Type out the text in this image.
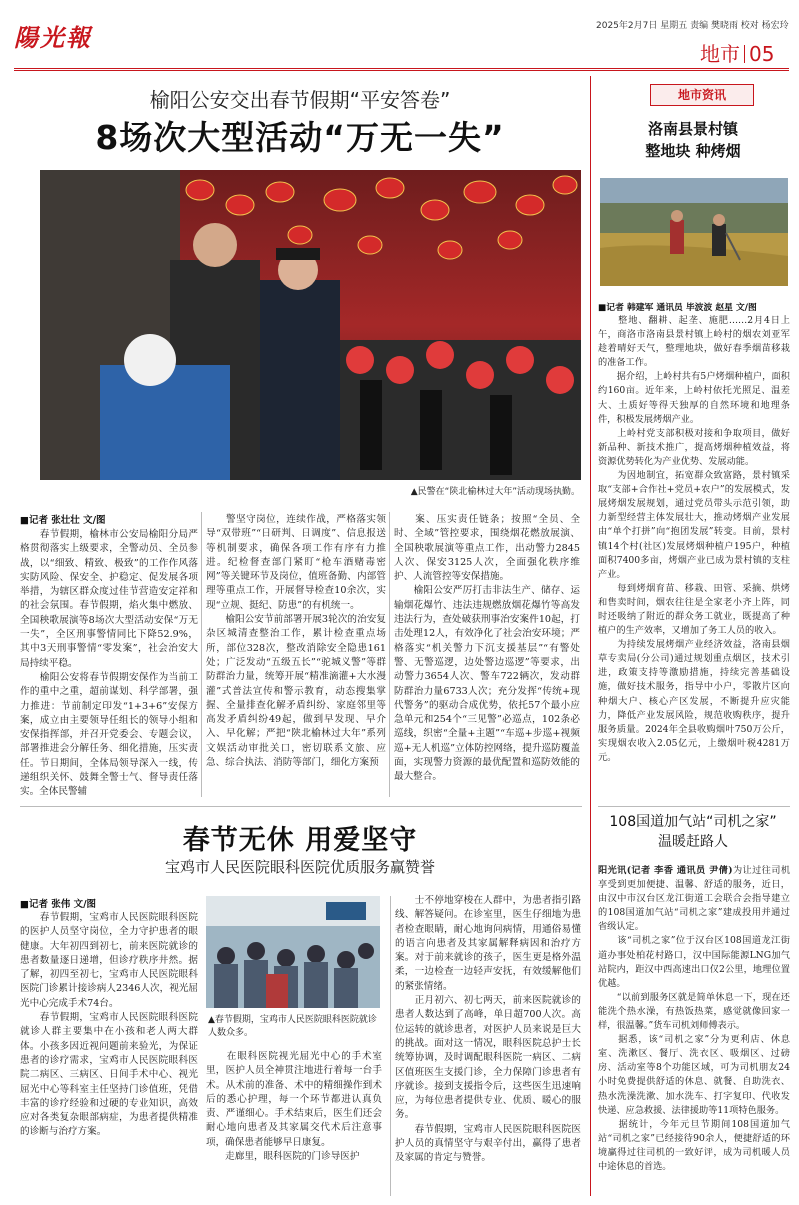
陽光報	2025年2月7日 星期五 责编 樊晓雨 校对 杨宏玲
地市 05
榆阳公安交出春节假期“平安答卷”
8场次大型活动“万无一失”
▲民警在“陕北榆林过大年”活动现场执勤。
■记者 张壮壮 文/图
　　春节假期，榆林市公安局榆阳分局严格贯彻落实上级要求，全警动员、全员参战，以“细致、精致、极致”的工作作风落实防风险、保安全、护稳定、促发展各项举措，为辖区群众度过佳节营造安定祥和的社会氛围。春节假期，焰火集中燃放、全国秧歌展演等8场次大型活动安保“万无一失”，全区刑事警情同比下降52.9%，其中3天刑事警情“零发案”，社会治安大局持续平稳。
　　榆阳公安将春节假期安保作为当前工作的重中之重，超前谋划、科学部署，强力推进：节前制定印发“1+3+6”安保方案，成立由主要领导任组长的领导小组和安保指挥部，并召开党委会、专题会议，部署推进会分解任务、细化措施，压实责任。节日期间，全体局领导深入一线，传递组织关怀、鼓舞全警士气、督导责任落实。全体民警辅
　　警坚守岗位，连续作战，严格落实领导“双带班”“日研判、日调度”、信息报送等机制要求，确保各项工作有序有力推进。纪检督查部门紧盯“枪车酒赌毒密网”等关键环节及岗位，值班备勤、内部管理等重点工作，开展督导检查10余次，实现“立规、挺纪、防患”的有机统一。
　　榆阳公安节前部署开展3轮次的治安复杂区城清查整治工作，累计检查重点场所，部位328次，整改消除安全隐患161处；广泛发动“五级五长”“驼城义警”等群防群治力量，统筹开展“精准滴灌+大水漫灌”式普法宣传和警示教育，动态搜集掌握、全量排查化解矛盾纠纷、家庭邻里等高发矛盾纠纷49起，做到早发现、早介入、早化解；严把“陕北榆林过大年”系列文娱活动审批关口，密切联系文旅、应急、综合执法、消防等部门，细化方案预
　　案、压实责任链条；按照“全员、全时、全域”管控要求，围绕烟花燃放展演、全国秧歌展演等重点工作，出动警力2845人次、保安3125人次，全面强化秩序维护、人流管控等安保措施。
　　榆阳公安严厉打击非法生产、储存、运输烟花爆竹、违法违规燃放烟花爆竹等高发违法行为，查处破获刑事治安案件10起，打击处理12人，有效净化了社会治安环境；严格落实“机关警力下沉支援基层”“有警处警、无警巡逻，边处警边巡逻”等要求，出动警力3654人次、警车722辆次，发动群防群治力量6733人次；充分发挥“传统+现代警务”的驱动合成优势，依托57个最小应急单元和254个“三见警”必巡点，102条必巡线，织密“全量+主题”“车巡+步巡+视频巡+无人机巡”立体防控网络，提升巡防覆盖面，实现警力资源的最优配置和巡防效能的最大整合。
地市资讯
洛南县景村镇
整地块 种烤烟
■记者 韩建军 通讯员 毕波波 赵星 文/图
　　整地、翻耕、起垄、施肥……2月4日上午，商洛市洛南县景村镇上岭村的烟农刘亚军趁着晴好天气，整理地块，做好春季烟苗移栽的准备工作。
　　据介绍，上岭村共有5户烤烟种植户，面积约160亩。近年来，上岭村依托光照足、温差大、土质好等得天独厚的自然环境和地理条件，积极发展烤烟产业。
　　上岭村党支部积极对接和争取项目，做好新品种、新技术推广，提高烤烟种植效益，将资源优势转化为产业优势、发展动能。
　　为因地制宜，拓宽群众致富路，景村镇采取“支部+合作社+党员+农户”的发展模式，发展烤烟发展规划，通过党员带头示范引领，助力新型经营主体发展壮大，推动烤烟产业发展由“单个打拼”向“抱团发展”转变。目前，景村镇14个村(社区)发展烤烟种植户195户，种植面积7400多亩，烤烟产业已成为景村镇的支柱产业。
　　每到烤烟育苗、移栽、田管、采摘、烘烤和售卖时间，烟农往往是全家老小齐上阵，同时还吸纳了附近的群众务工就业，既提高了种植户的生产效率，又增加了务工人员的收入。
　　为持续发展烤烟产业经济效益，洛南县烟草专卖局(分公司)通过规划重点烟区，技术引进，政策支持等激励措施，持续完善基础设施，做好技术服务，指导中小户，零散片区向种烟大户、核心产区发展，不断提升应灾能力，降低产业发展风险，规范收购秩序，提升服务质量。2024年全县收购烟叶750万公斤，实现烟农收入2.05亿元，上缴烟叶税4281万元。
108国道加气站“司机之家”
温暖赶路人
阳光讯(记者 李香 通讯员 尹倩)为让过往司机享受到更加便捷、温馨、舒适的服务，近日，由汉中市汉台区龙江街道工会联合会指导建立的108国道加气站“司机之家”建成投用并通过省级认定。
　　该“司机之家”位于汉台区108国道龙江街道办事处柏花村路口，汉中国际能源LNG加气站院内，距汉中西高速出口仅2公里，地理位置优越。
　　“以前到服务区就是简单休息一下，现在还能洗个热水澡，有热饭热菜，感觉就像回家一样，很温馨。”货车司机刘师傅表示。
　　据悉，该“司机之家”分为更利店、休息室、洗漱区、餐厅、洗衣区、吸烟区、过磅房、活动室等8个功能区域，可为司机朋友24小时免费提供舒适的休息、就餐、自助洗衣、热水洗澡洗漱、加水洗车、打字复印、代收发快递、应急救援、法律援助等11项特色服务。
　　据统计，今年元旦节期间108国道加气站“司机之家”已经接待90余人，便捷舒适的环境赢得过往司机的一致好评，成为司机暖人员中途休息的首选。
春节无休 用爱坚守
宝鸡市人民医院眼科医院优质服务赢赞誉
■记者 张伟 文/图
　　春节假期，宝鸡市人民医院眼科医院的医护人员坚守岗位，全力守护患者的眼健康。大年初四到初七，前来医院就诊的患者数量逐日递增，但诊疗秩序井然。据了解，初四至初七，宝鸡市人民医院眼科医院门诊累计接诊病人2346人次，视光屈光中心完成手术74台。
　　春节假期，宝鸡市人民医院眼科医院就诊人群主要集中在小孩和老人两大群体。小孩多因近视问题前来验光，为保证患者的诊疗需求，宝鸡市人民医院眼科医院二病区、三病区、日间手术中心、视光屈光中心等科室主任坚持门诊值班，凭借丰富的诊疗经验和过硬的专业知识，高效应对各类复杂眼部病症，为患者提供精准的诊断与治疗方案。
▲春节假期，宝鸡市人民医院眼科医院就诊人数众多。
　　在眼科医院视光屈光中心的手术室里，医护人员全神贯注地进行着每一台手术。从术前的准备、术中的精细操作到术后的悉心护理，每一个环节都进认真负责、严谨细心。手术结束后，医生们还会耐心地向患者及其家属交代术后注意事项，确保患者能够早日康复。
　　走廊里，眼科医院的门诊导医护
　　士不停地穿梭在人群中，为患者指引路线、解答疑问。在诊室里，医生仔细地为患者检查眼睛，耐心地询问病情，用通俗易懂的语言向患者及其家属解释病因和治疗方案。对于前来就诊的孩子，医生更是格外温柔，一边检查一边轻声安抚，有效缓解他们的紧张情绪。
　　正月初六、初七两天，前来医院就诊的患者人数达到了高峰，单日超700人次。高位运转的就诊患者，对医护人员来说是巨大的挑战。面对这一情况，眼科医院总护士长统筹协调，及时调配眼科医院一病区、二病区值班医生支援门诊，全力保障门诊患者有序就诊。接到支援指令后，这些医生迅速响应，为每位患者提供专业、优质、暖心的服务。
　　春节假期，宝鸡市人民医院眼科医院医护人员的真情坚守与艰辛付出，赢得了患者及家属的肯定与赞誉。
